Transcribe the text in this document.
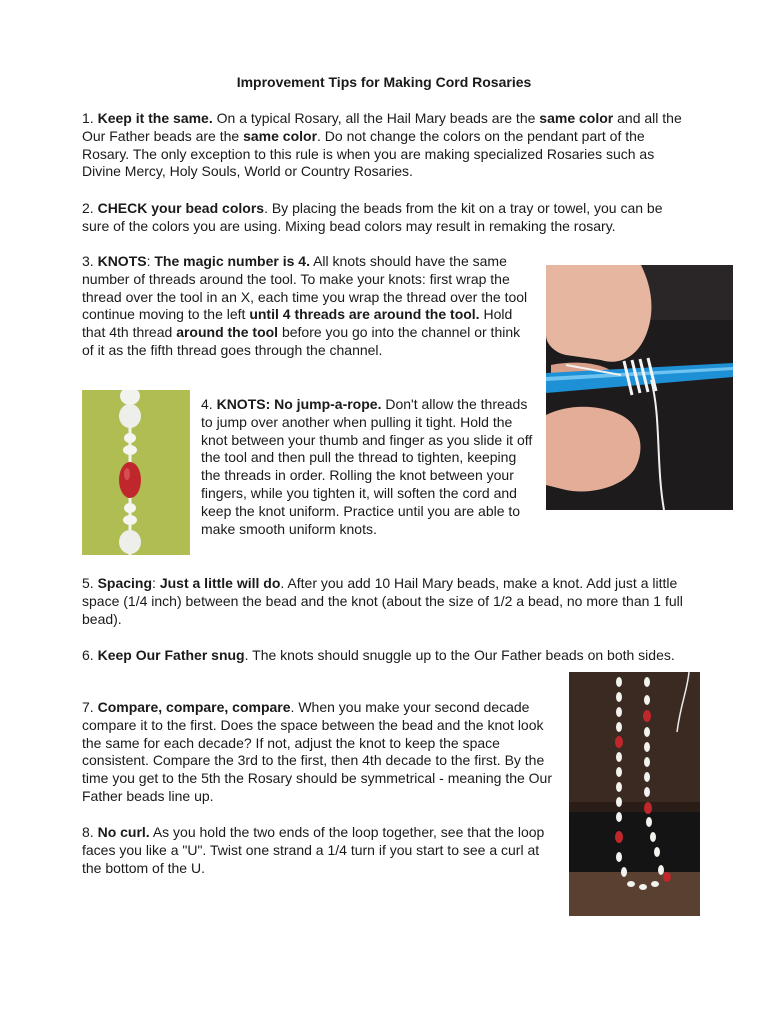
Improvement Tips for Making Cord Rosaries

1. Keep it the same. On a typical Rosary, all the Hail Mary beads are the same color and all the Our Father beads are the same color. Do not change the colors on the pendant part of the Rosary. The only exception to this rule is when you are making specialized Rosaries such as Divine Mercy, Holy Souls, World or Country Rosaries.

2. CHECK your bead colors. By placing the beads from the kit on a tray or towel, you can be sure of the colors you are using. Mixing bead colors may result in remaking the rosary.

3. KNOTS: The magic number is 4. All knots should have the same number of threads around the tool. To make your knots: first wrap the thread over the tool in an X, each time you wrap the thread over the tool continue moving to the left until 4 threads are around the tool. Hold that 4th thread around the tool before you go into the channel or think of it as the fifth thread goes through the channel.

4. KNOTS: No jump-a-rope. Don't allow the threads to jump over another when pulling it tight. Hold the knot between your thumb and finger as you slide it off the tool and then pull the thread to tighten, keeping the threads in order. Rolling the knot between your fingers, while you tighten it, will soften the cord and keep the knot uniform. Practice until you are able to make smooth uniform knots.

5. Spacing: Just a little will do. After you add 10 Hail Mary beads, make a knot. Add just a little space (1/4 inch) between the bead and the knot (about the size of 1/2 a bead, no more than 1 full bead).

6. Keep Our Father snug. The knots should snuggle up to the Our Father beads on both sides.

7. Compare, compare, compare. When you make your second decade compare it to the first. Does the space between the bead and the knot look the same for each decade? If not, adjust the knot to keep the space consistent. Compare the 3rd to the first, then 4th decade to the first. By the time you get to the 5th the Rosary should be symmetrical - meaning the Our Father beads line up.

8. No curl. As you hold the two ends of the loop together, see that the loop faces you like a "U". Twist one strand a 1/4 turn if you start to see a curl at the bottom of the U.
